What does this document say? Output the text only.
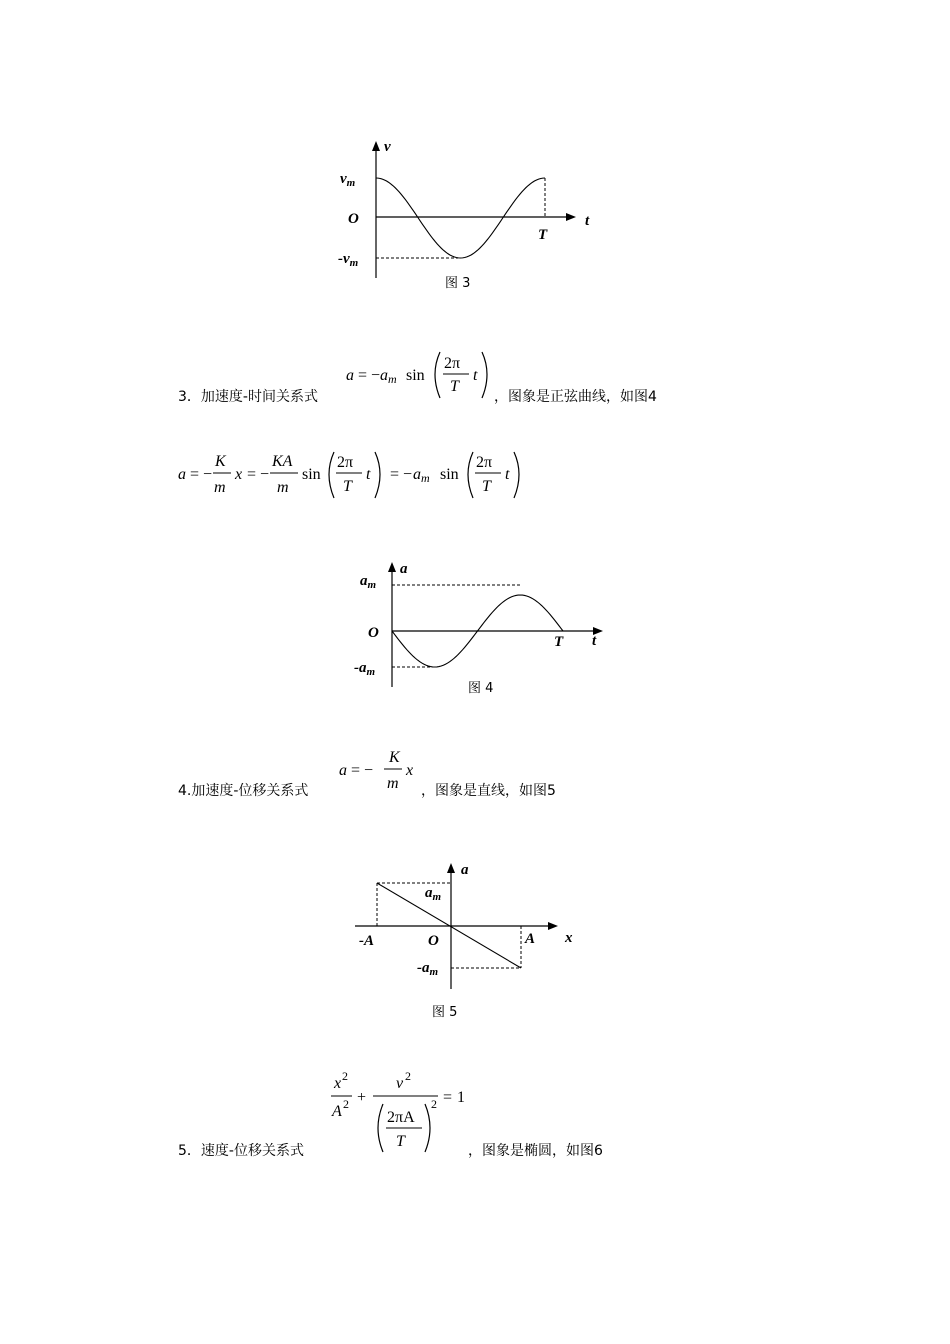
v
t
O
$v_m$
$-v_m$
T
图 3
3．加速度-时间关系式
a = − a m sin
2π
T
t
，图象是正弦曲线，如图4
a = −
K
m
x = −
KA
m
sin
2π
T
t = − a m sin
2π
T
t
a
t
O
$a_m$
$-a_m$
T
图 4
4.加速度-位移关系式
a = −
K
m
x
，图象是直线，如图5
a
x
O
-A	A
$a_m$
$-a_m$
图 5
5．速度-位移关系式
x 2
A 2 +
v 2
2πA
T
2 = 1
，图象是椭圆，如图6
